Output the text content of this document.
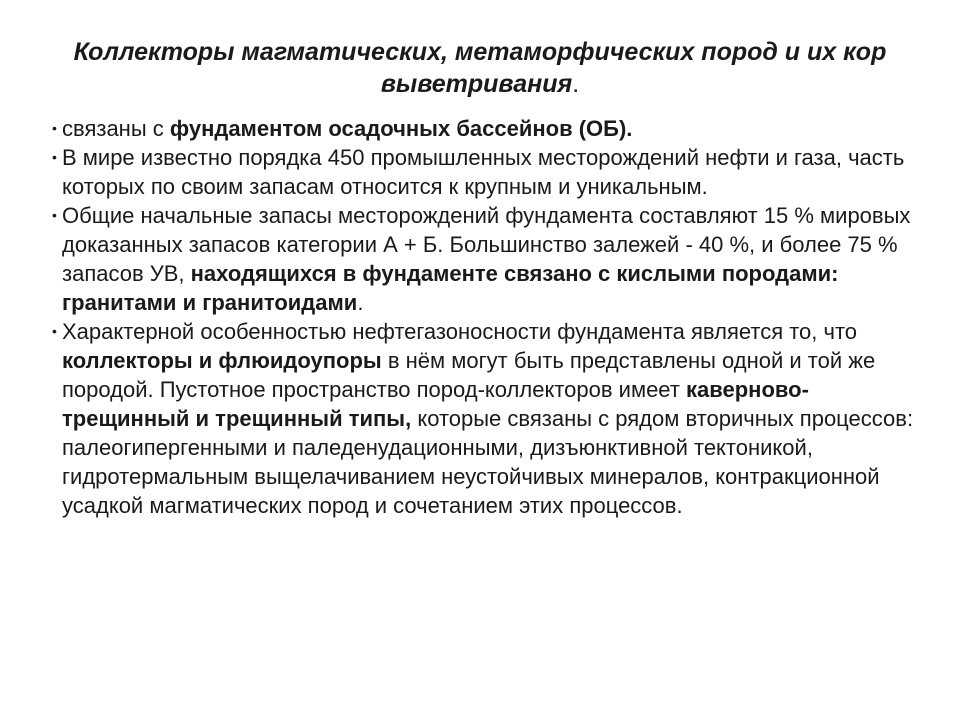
Коллекторы магматических, метаморфических пород и их кор выветривания.
• связаны с фундаментом осадочных бассейнов (ОБ).
• В мире известно порядка 450 промышленных месторождений нефти и газа, часть которых по своим запасам относится к крупным и уникальным.
• Общие начальные запасы месторождений фундамента составляют 15 % мировых доказанных запасов категории А + Б. Большинство залежей - 40 %, и более 75 % запасов УВ, находящихся в фундаменте связано с кислыми породами: гранитами и гранитоидами.
• Характерной особенностью нефтегазоносности фундамента является то, что коллекторы и флюидоупоры в нём могут быть представлены одной и той же породой. Пустотное пространство пород-коллекторов имеет каверново-трещинный и трещинный типы, которые связаны с рядом вторичных процессов: палеогипергенными и паледенудационными, дизъюнктивной тектоникой, гидротермальным выщелачиванием неустойчивых минералов, контракционной усадкой магматических пород и сочетанием этих процессов.
